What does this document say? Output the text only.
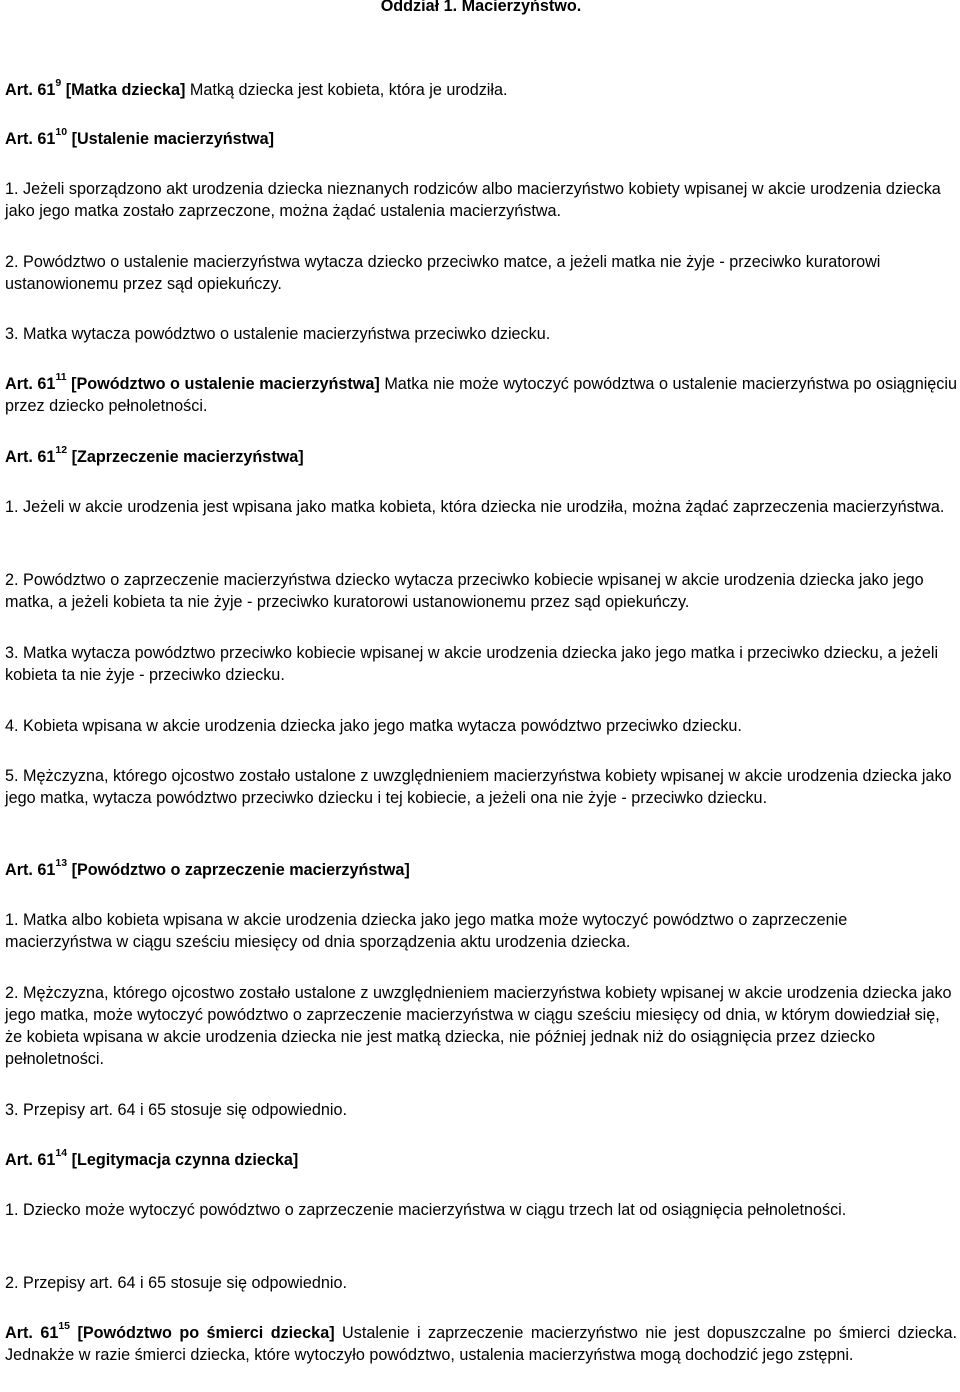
Oddział 1. Macierzyństwo.

Art. $61^9$ [Matka dziecka] Matką dziecka jest kobieta, która je urodziła.

Art. $61^{10}$ [Ustalenie macierzyństwa]

1. Jeżeli sporządzono akt urodzenia dziecka nieznanych rodziców albo macierzyństwo kobiety wpisanej w akcie urodzenia dziecka jako jego matka zostało zaprzeczone, można żądać ustalenia macierzyństwa.

2. Powództwo o ustalenie macierzyństwa wytacza dziecko przeciwko matce, a jeżeli matka nie żyje - przeciwko kuratorowi ustanowionemu przez sąd opiekuńczy.

3. Matka wytacza powództwo o ustalenie macierzyństwa przeciwko dziecku.

Art. $61^{11}$ [Powództwo o ustalenie macierzyństwa] Matka nie może wytoczyć powództwa o ustalenie macierzyństwa po osiągnięciu przez dziecko pełnoletności.

Art. $61^{12}$ [Zaprzeczenie macierzyństwa]

1. Jeżeli w akcie urodzenia jest wpisana jako matka kobieta, która dziecka nie urodziła, można żądać zaprzeczenia macierzyństwa.

2. Powództwo o zaprzeczenie macierzyństwa dziecko wytacza przeciwko kobiecie wpisanej w akcie urodzenia dziecka jako jego matka, a jeżeli kobieta ta nie żyje - przeciwko kuratorowi ustanowionemu przez sąd opiekuńczy.

3. Matka wytacza powództwo przeciwko kobiecie wpisanej w akcie urodzenia dziecka jako jego matka i przeciwko dziecku, a jeżeli kobieta ta nie żyje - przeciwko dziecku.

4. Kobieta wpisana w akcie urodzenia dziecka jako jego matka wytacza powództwo przeciwko dziecku.

5. Mężczyzna, którego ojcostwo zostało ustalone z uwzględnieniem macierzyństwa kobiety wpisanej w akcie urodzenia dziecka jako jego matka, wytacza powództwo przeciwko dziecku i tej kobiecie, a jeżeli ona nie żyje - przeciwko dziecku.

Art. $61^{13}$ [Powództwo o zaprzeczenie macierzyństwa]

1. Matka albo kobieta wpisana w akcie urodzenia dziecka jako jego matka może wytoczyć powództwo o zaprzeczenie macierzyństwa w ciągu sześciu miesięcy od dnia sporządzenia aktu urodzenia dziecka.

2. Mężczyzna, którego ojcostwo zostało ustalone z uwzględnieniem macierzyństwa kobiety wpisanej w akcie urodzenia dziecka jako jego matka, może wytoczyć powództwo o zaprzeczenie macierzyństwa w ciągu sześciu miesięcy od dnia, w którym dowiedział się, że kobieta wpisana w akcie urodzenia dziecka nie jest matką dziecka, nie później jednak niż do osiągnięcia przez dziecko pełnoletności.

3. Przepisy art. 64 i 65 stosuje się odpowiednio.

Art. $61^{14}$ [Legitymacja czynna dziecka]

1. Dziecko może wytoczyć powództwo o zaprzeczenie macierzyństwa w ciągu trzech lat od osiągnięcia pełnoletności.

2. Przepisy art. 64 i 65 stosuje się odpowiednio.

Art. $61^{15}$ [Powództwo po śmierci dziecka] Ustalenie i zaprzeczenie macierzyństwo nie jest dopuszczalne po śmierci dziecka. Jednakże w razie śmierci dziecka, które wytoczyło powództwo, ustalenia macierzyństwa mogą dochodzić jego zstępni.
